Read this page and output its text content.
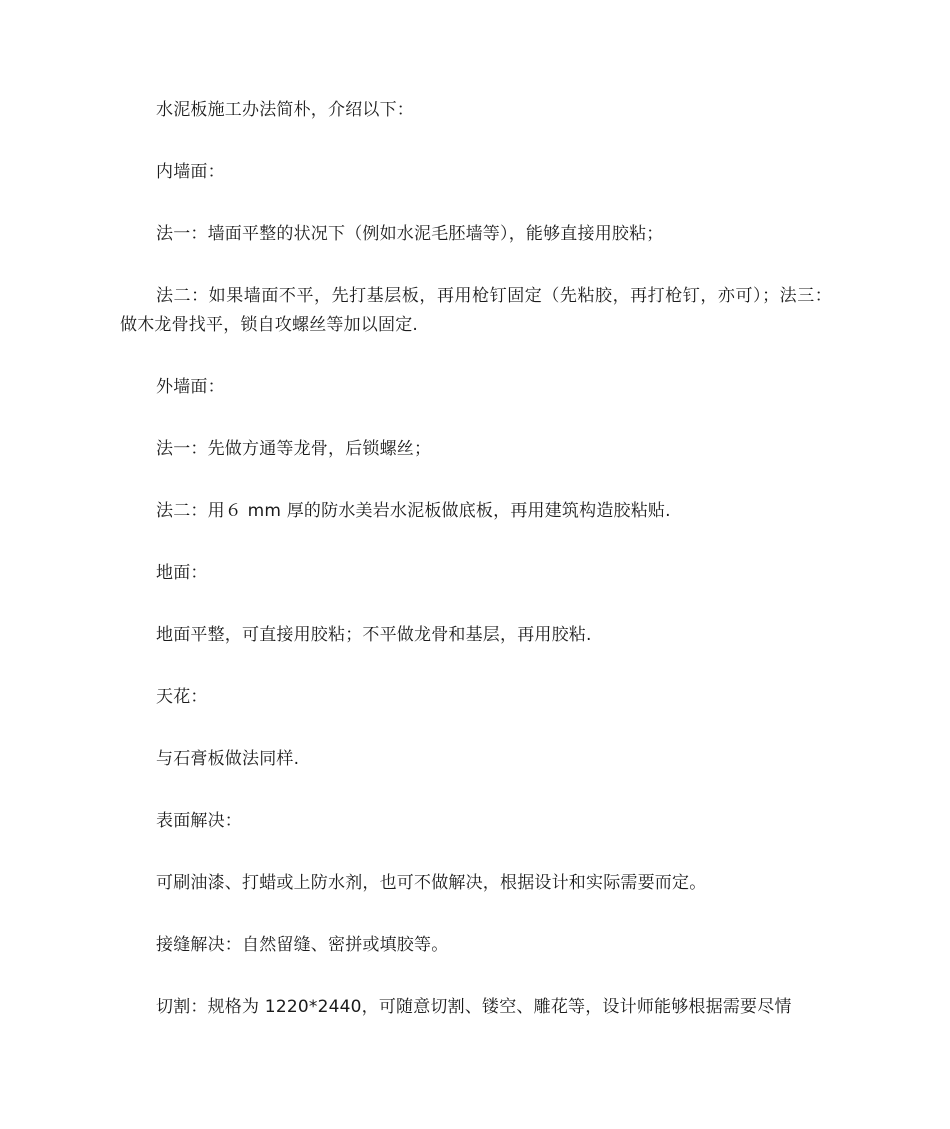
水泥板施工办法简朴，介绍以下：

内墙面：

法一：墙面平整的状况下（例如水泥毛胚墙等），能够直接用胶粘；

法二：如果墙面不平，先打基层板，再用枪钉固定（先粘胶，再打枪钉，亦可）；法三：做木龙骨找平，锁自攻螺丝等加以固定.

外墙面：

法一：先做方通等龙骨，后锁螺丝；

法二：用６ mm 厚的防水美岩水泥板做底板，再用建筑构造胶粘贴.

地面：

地面平整，可直接用胶粘；不平做龙骨和基层，再用胶粘.

天花：

与石膏板做法同样.

表面解决：

可刷油漆、打蜡或上防水剂，也可不做解决，根据设计和实际需要而定。

接缝解决：自然留缝、密拼或填胶等。

切割：规格为 1220*2440，可随意切割、镂空、雕花等，设计师能够根据需要尽情
